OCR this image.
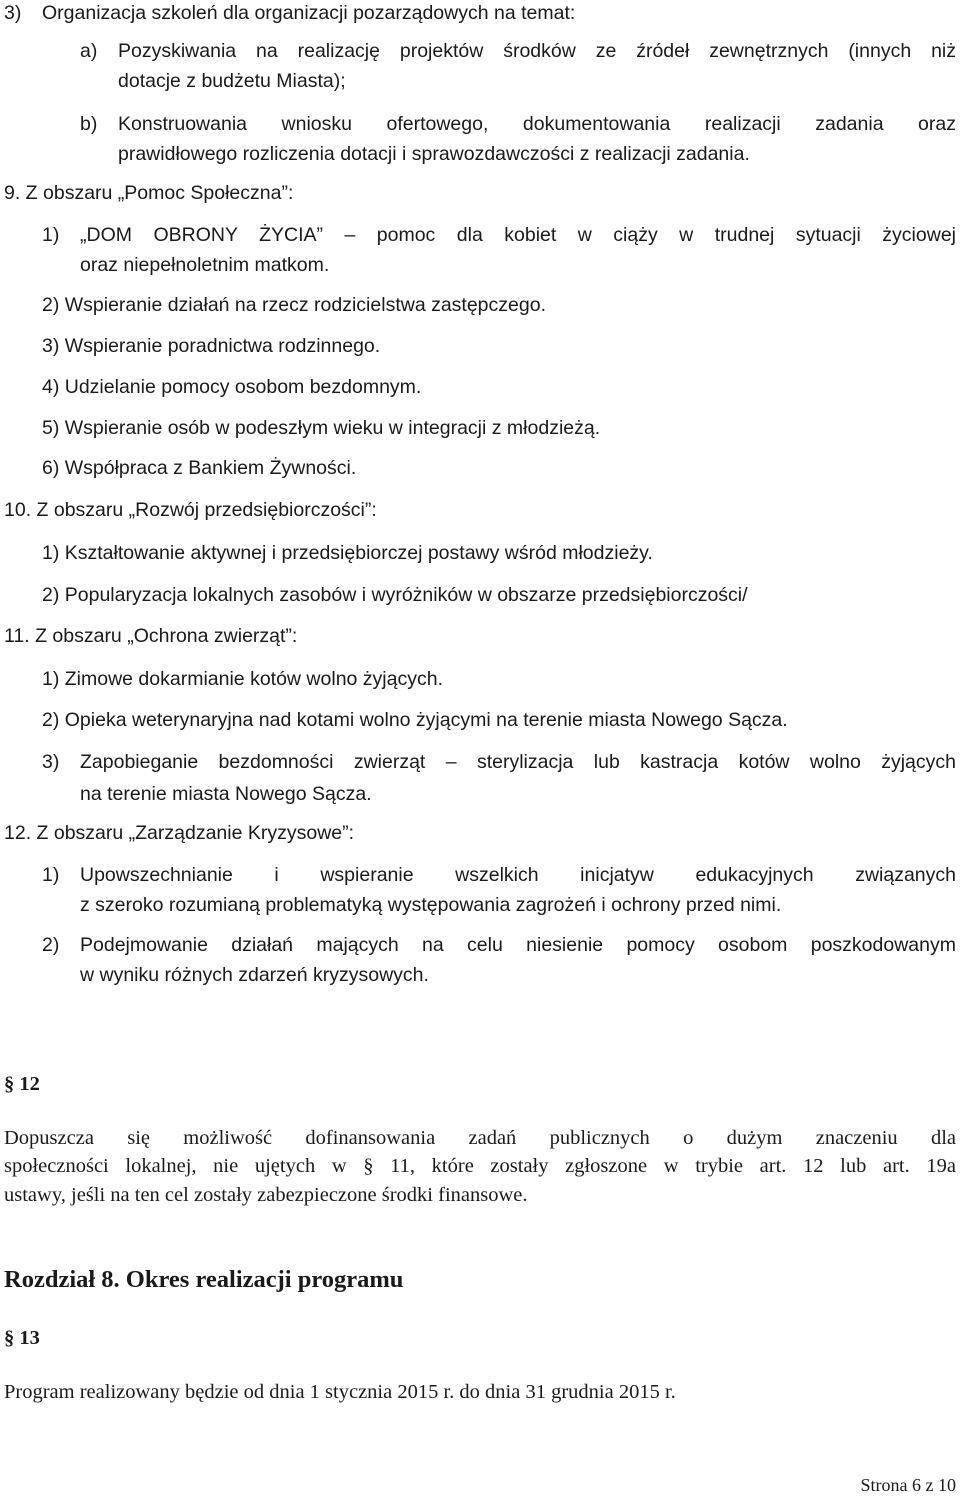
3) Organizacja szkoleń dla organizacji pozarządowych na temat:
a) Pozyskiwania na realizację projektów środków ze źródeł zewnętrznych (innych niż
dotacje z budżetu Miasta);
b) Konstruowania wniosku ofertowego, dokumentowania realizacji zadania oraz
prawidłowego rozliczenia dotacji i sprawozdawczości z realizacji zadania.
9. Z obszaru „Pomoc Społeczna”:
1) „DOM OBRONY ŻYCIA” – pomoc dla kobiet w ciąży w trudnej sytuacji życiowej
oraz niepełnoletnim matkom.
2) Wspieranie działań na rzecz rodzicielstwa zastępczego.
3) Wspieranie poradnictwa rodzinnego.
4) Udzielanie pomocy osobom bezdomnym.
5) Wspieranie osób w podeszłym wieku w integracji z młodzieżą.
6) Współpraca z Bankiem Żywności.
10. Z obszaru „Rozwój przedsiębiorczości”:
1) Kształtowanie aktywnej i przedsiębiorczej postawy wśród młodzieży.
2) Popularyzacja lokalnych zasobów i wyróżników w obszarze przedsiębiorczości/
11. Z obszaru „Ochrona zwierząt”:
1) Zimowe dokarmianie kotów wolno żyjących.
2) Opieka weterynaryjna nad kotami wolno żyjącymi na terenie miasta Nowego Sącza.
3) Zapobieganie bezdomności zwierząt – sterylizacja lub kastracja kotów wolno żyjących
na terenie miasta Nowego Sącza.
12. Z obszaru „Zarządzanie Kryzysowe”:
1) Upowszechnianie i wspieranie wszelkich inicjatyw edukacyjnych związanych
z szeroko rozumianą problematyką występowania zagrożeń i ochrony przed nimi.
2) Podejmowanie działań mających na celu niesienie pomocy osobom poszkodowanym
w wyniku różnych zdarzeń kryzysowych.
§ 12
Dopuszcza się możliwość dofinansowania zadań publicznych o dużym znaczeniu dla
społeczności lokalnej, nie ujętych w § 11, które zostały zgłoszone w trybie art. 12 lub art. 19a
ustawy, jeśli na ten cel zostały zabezpieczone środki finansowe.
Rozdział 8. Okres realizacji programu
§ 13
Program realizowany będzie od dnia 1 stycznia 2015 r. do dnia 31 grudnia 2015 r.
Strona 6 z 10
